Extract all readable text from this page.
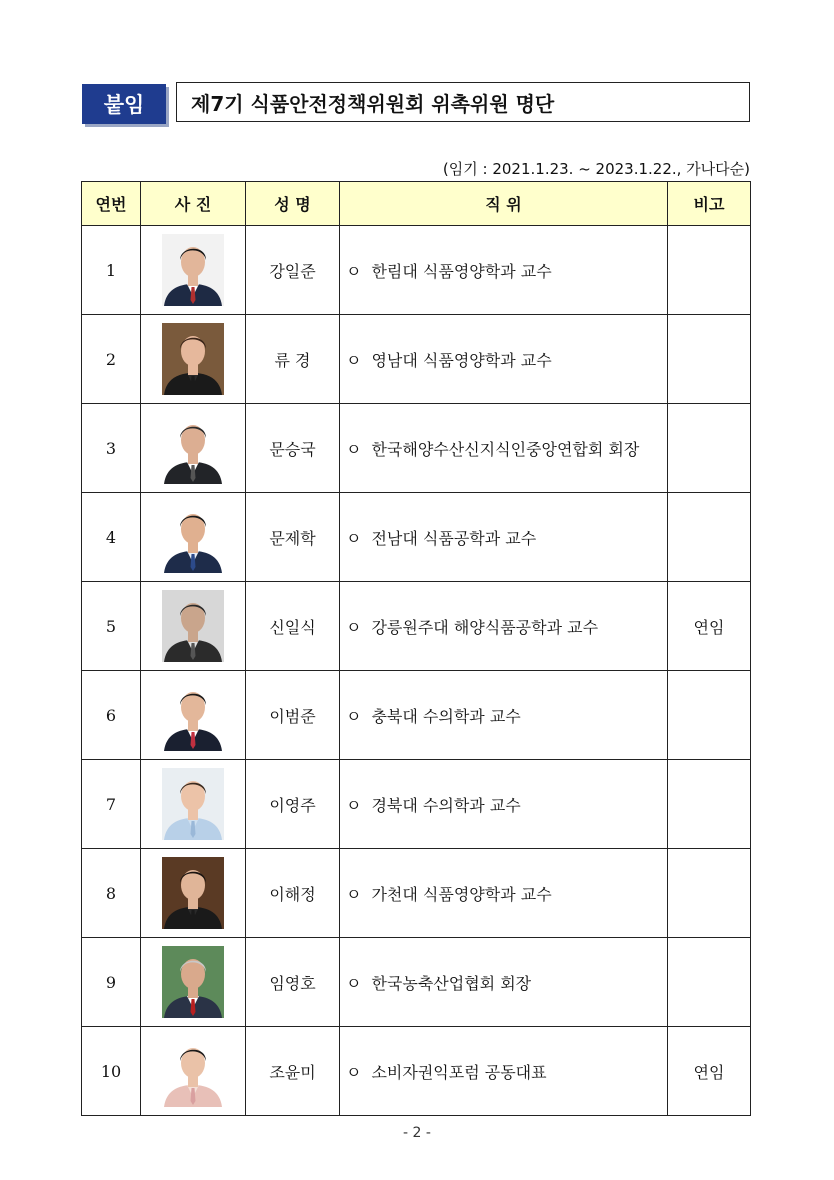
붙임	제7기 식품안전정책위원회 위촉위원 명단
(임기 : 2021.1.23. ~ 2023.1.22., 가나다순)
연번	사 진	성 명	직 위	비고
1		강일준	ㅇ 한림대 식품영양학과 교수	
2		류 경	ㅇ 영남대 식품영양학과 교수	
3		문승국	ㅇ 한국해양수산신지식인중앙연합회 회장	
4		문제학	ㅇ 전남대 식품공학과 교수	
5		신일식	ㅇ 강릉원주대 해양식품공학과 교수	연임
6		이범준	ㅇ 충북대 수의학과 교수	
7		이영주	ㅇ 경북대 수의학과 교수	
8		이해정	ㅇ 가천대 식품영양학과 교수	
9		임영호	ㅇ 한국농축산업협회 회장	
10		조윤미	ㅇ 소비자권익포럼 공동대표	연임
- 2 -
